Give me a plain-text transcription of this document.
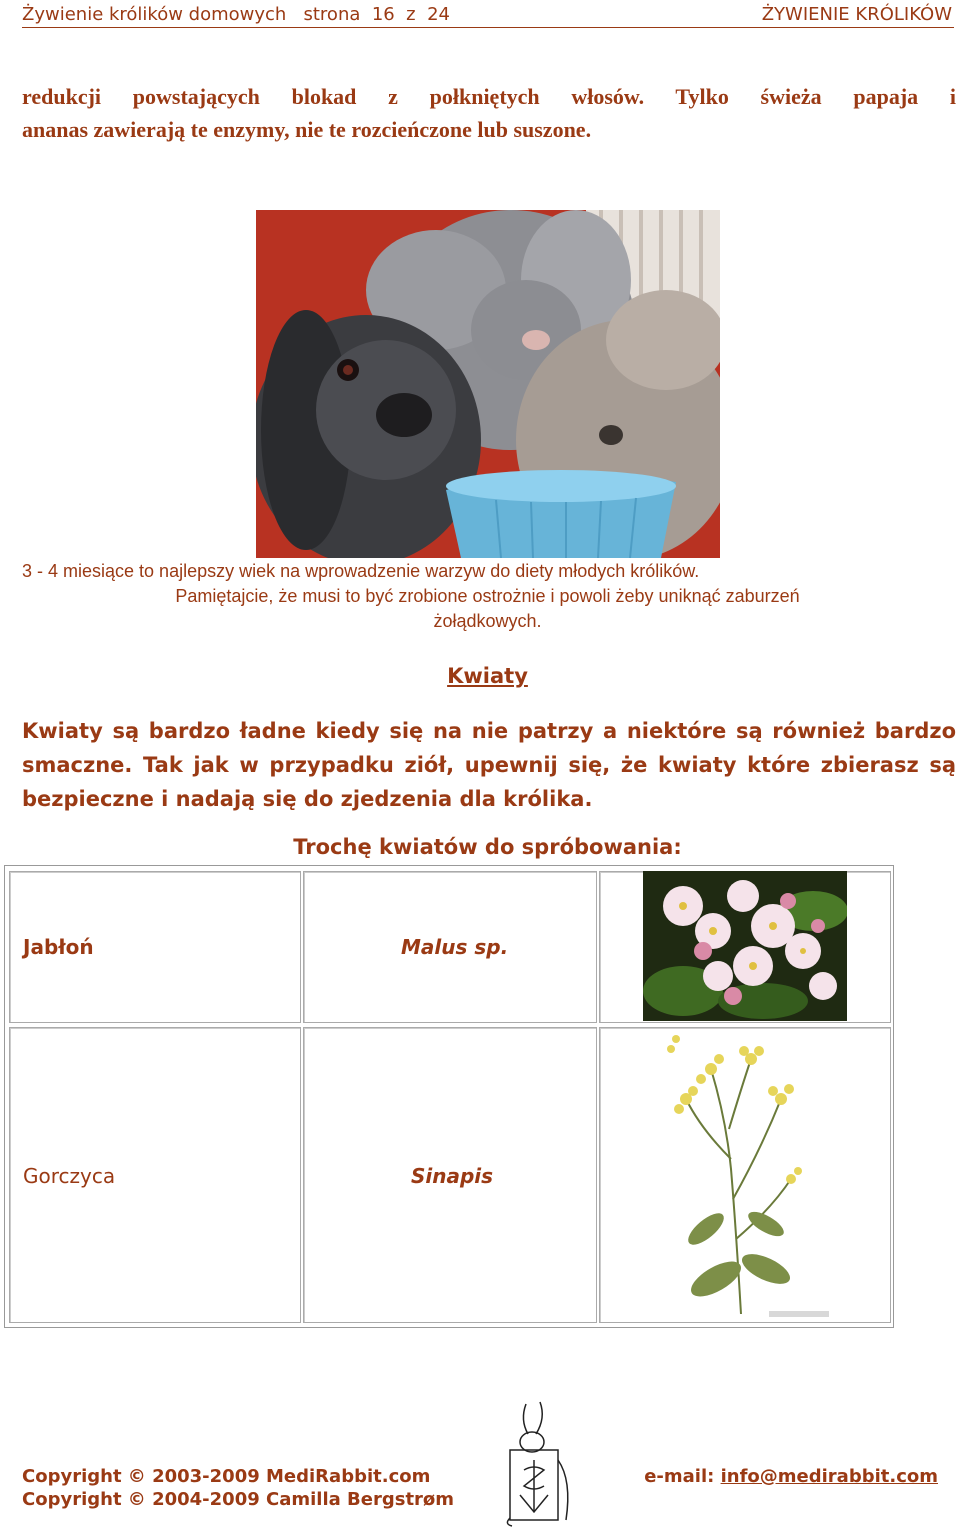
Żywienie królików domowych   strona  16  z  24	ŻYWIENIE KRÓLIKÓW
redukcji powstających blokad z połkniętych włosów. Tylko świeża papaja i
ananas zawierają te enzymy, nie te rozcieńczone lub suszone.
3 - 4 miesiące to najlepszy wiek na wprowadzenie warzyw do diety młodych królików.
Pamiętajcie, że musi to być zrobione ostrożnie i powoli żeby uniknąć zaburzeń
żołądkowych.
Kwiaty
Kwiaty są bardzo ładne kiedy się na nie patrzy a niektóre są również bardzo
smaczne. Tak jak w przypadku ziół, upewnij się, że kwiaty które zbierasz są
bezpieczne i nadają się do zjedzenia dla królika.
Trochę kwiatów do spróbowania:
Jabłoń	Malus sp.
Gorczyca	Sinapis
Copyright © 2003-2009 MediRabbit.com
Copyright © 2004-2009 Camilla Bergstrøm
e-mail: info@medirabbit.com
